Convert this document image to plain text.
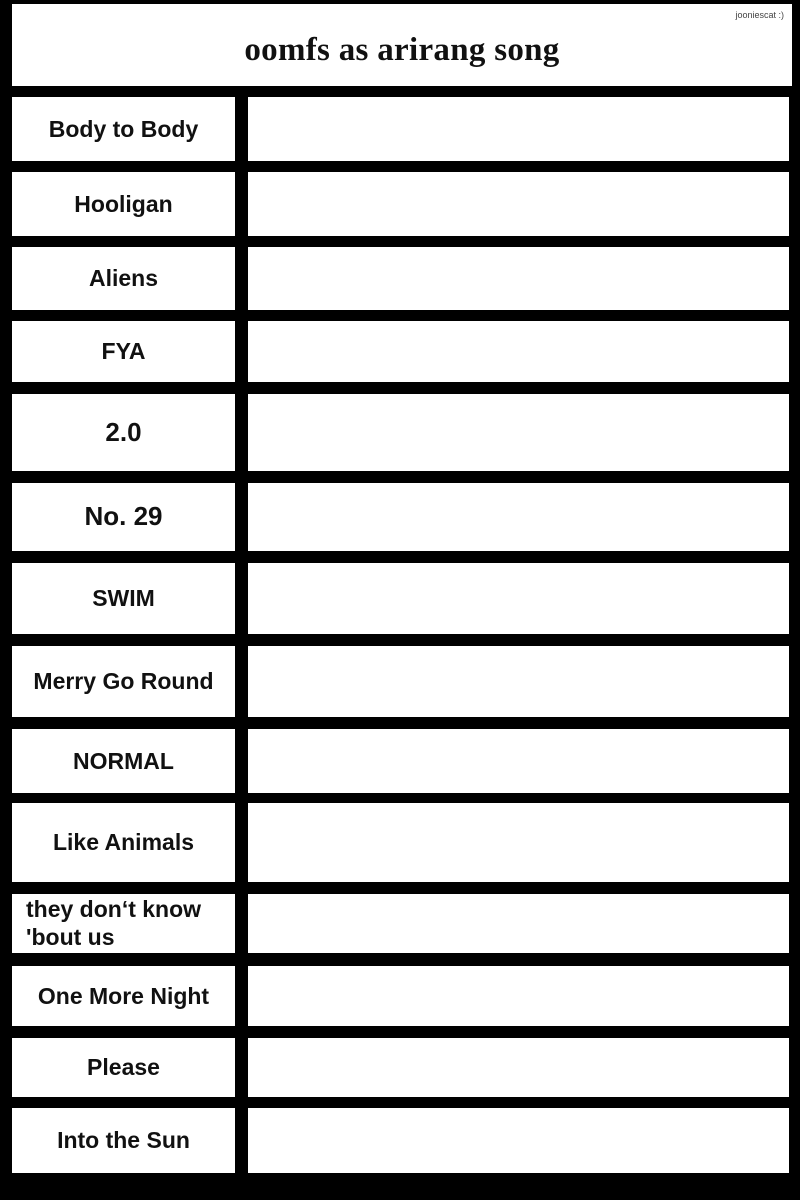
jooniescat :)
oomfs as arirang song
Body to Body
Hooligan
Aliens
FYA
2.0
No. 29
SWIM
Merry Go Round
NORMAL
Like Animals
they don‘t know 'bout us
One More Night
Please
Into the Sun
